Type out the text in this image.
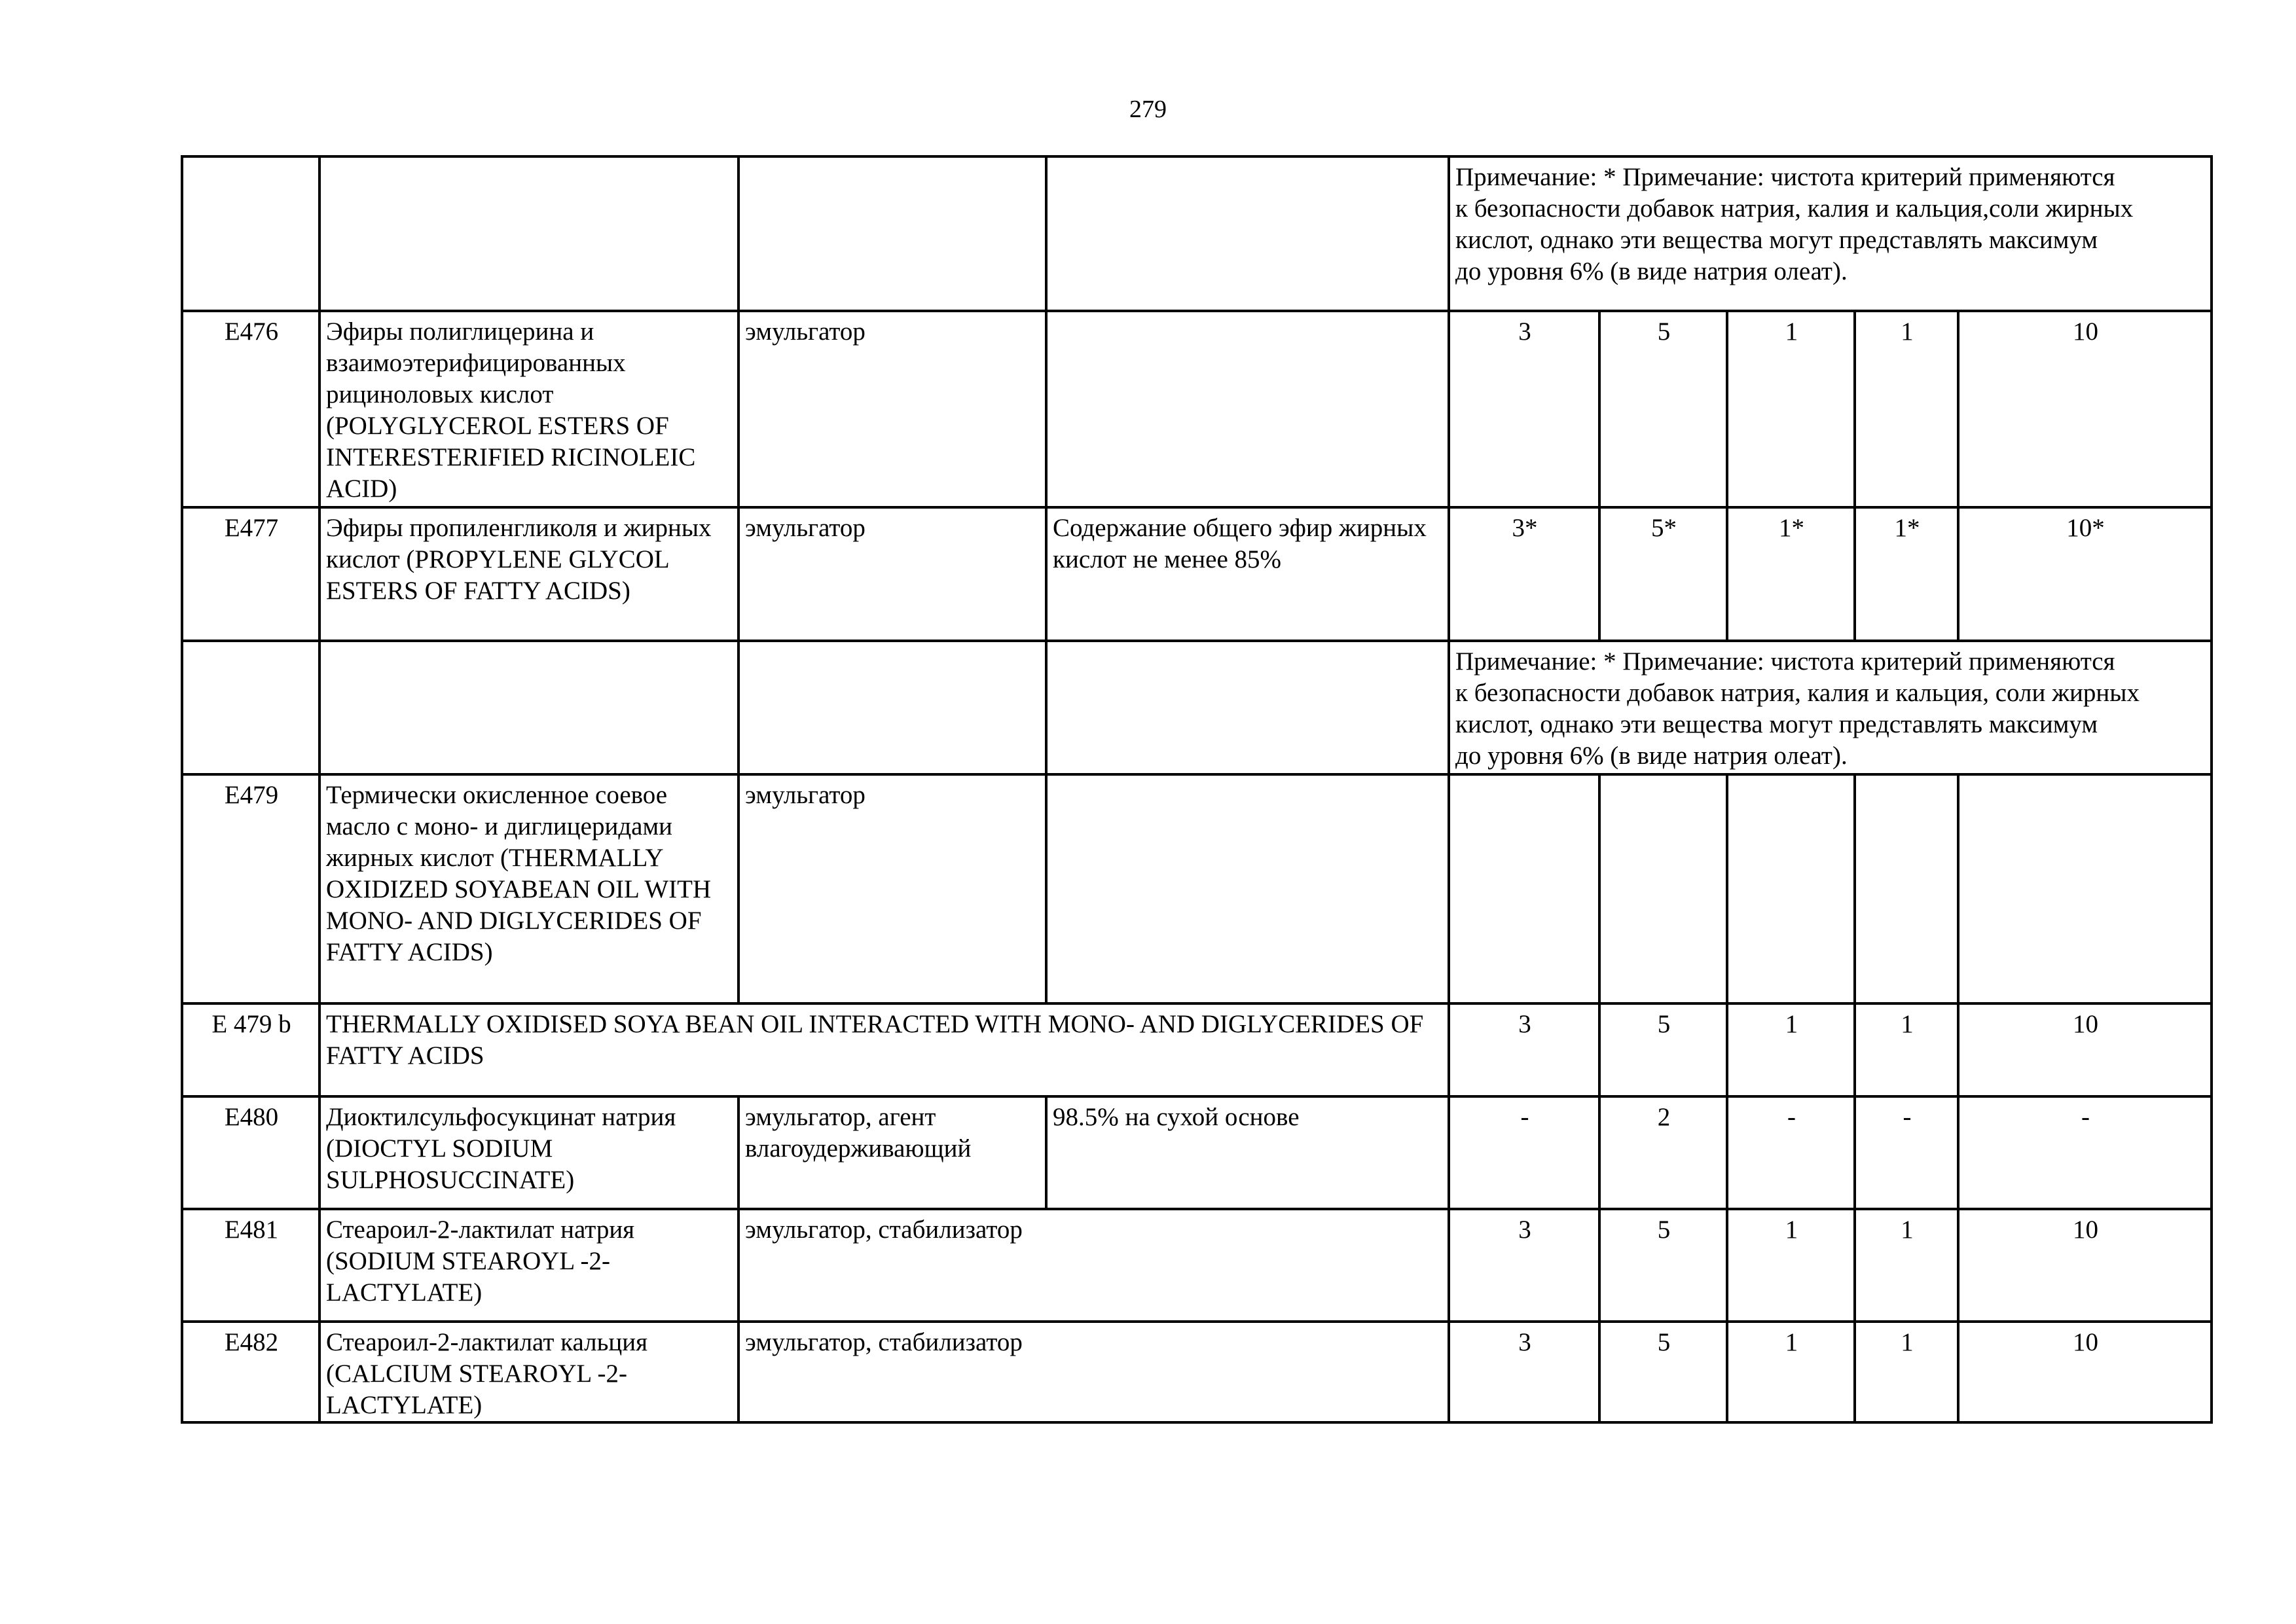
279

				Примечание: * Примечание: чистота критерий применяются
к безопасности добавок натрия, калия и кальция,соли жирных
кислот, однако эти вещества могут представлять максимум
до уровня 6% (в виде натрия олеат).				

E476	Эфиры полиглицерина и взаимоэтерифицированных рициноловых кислот (POLYGLYCEROL ESTERS OF INTERESTERIFIED RICINOLEIC ACID)	эмульгатор		3	5	1	1	10
E477	Эфиры пропиленгликоля и жирных кислот (PROPYLENE GLYCOL ESTERS OF FATTY ACIDS)	эмульгатор	Содержание общего эфир жирных кислот не менее 85%	3*	5*	1*	1*	10*

				Примечание: * Примечание: чистота критерий применяются
к безопасности добавок натрия, калия и кальция, соли жирных
кислот, однако эти вещества могут представлять максимум
до уровня 6% (в виде натрия олеат).				

E479	Термически окисленное соевое масло с моно- и диглицеридами жирных кислот (THERMALLY OXIDIZED SOYABEAN OIL WITH MONO- AND DIGLYCERIDES OF FATTY ACIDS)	эмульгатор						
E 479 b	THERMALLY OXIDISED SOYA BEAN OIL INTERACTED WITH MONO- AND DIGLYCERIDES OF FATTY ACIDS			3	5	1	1	10
E480	Диоктилсульфосукцинат натрия (DIOCTYL SODIUM SULPHOSUCCINATE)	эмульгатор, агент влагоудерживающий	98.5% на сухой основе	-	2	-	-	-
E481	Стеароил-2-лактилат натрия (SODIUM STEAROYL -2- LACTYLATE)	эмульгатор, стабилизатор		3	5	1	1	10
E482	Стеароил-2-лактилат кальция (CALCIUM STEAROYL -2- LACTYLATE)	эмульгатор, стабилизатор		3	5	1	1	10
